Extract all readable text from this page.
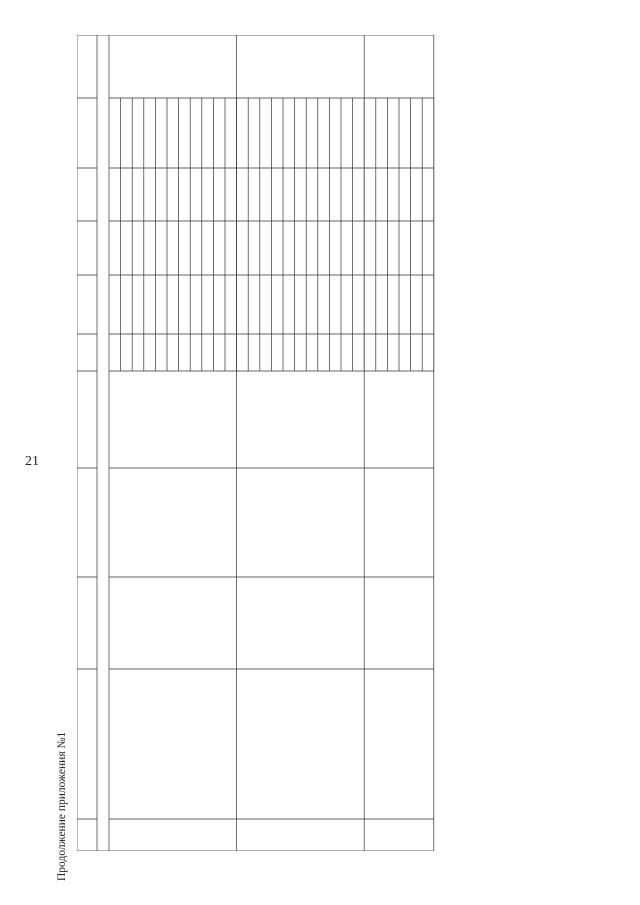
21
Продолжение приложения №1
